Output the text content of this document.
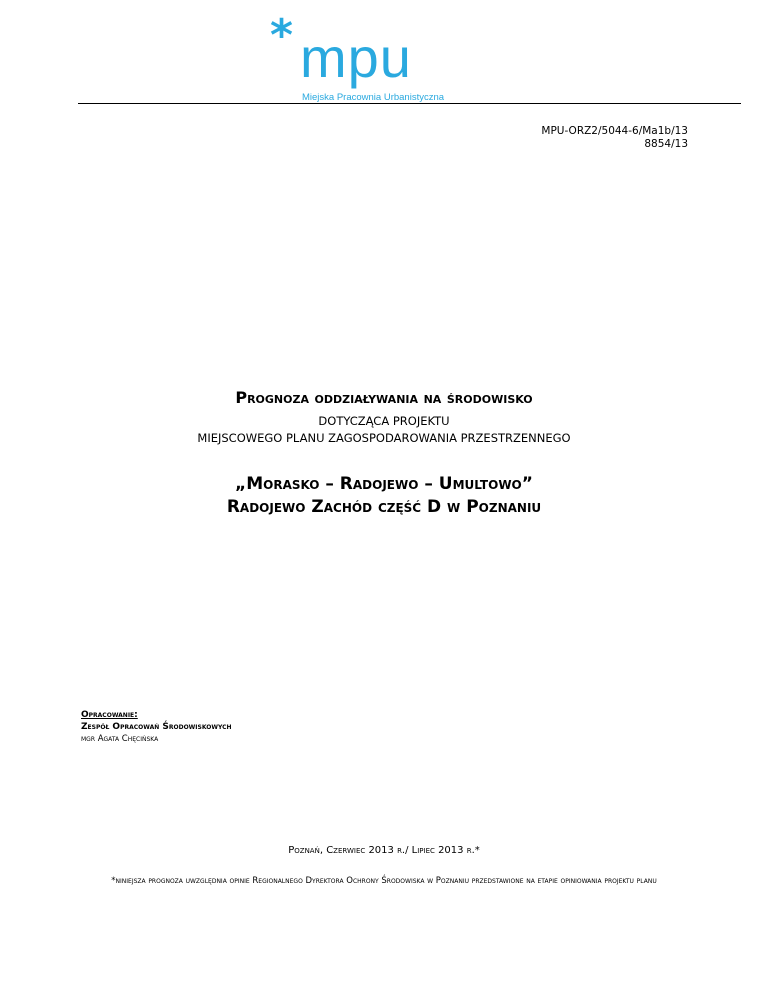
* mpu
Miejska Pracownia Urbanistyczna
MPU-ORZ2/5044-6/Ma1b/13
8854/13
Prognoza oddziaływania na środowisko
DOTYCZĄCA PROJEKTU
MIEJSCOWEGO PLANU ZAGOSPODAROWANIA PRZESTRZENNEGO
„Morasko – Radojewo – Umultowo”
Radojewo Zachód część D w Poznaniu
Opracowanie:
Zespół Opracowań Środowiskowych
mgr Agata Chęcińska
Poznań, Czerwiec 2013 r./ Lipiec 2013 r.*
*niniejsza prognoza uwzględnia opinie Regionalnego Dyrektora Ochrony Środowiska w Poznaniu przedstawione na etapie opiniowania projektu planu
